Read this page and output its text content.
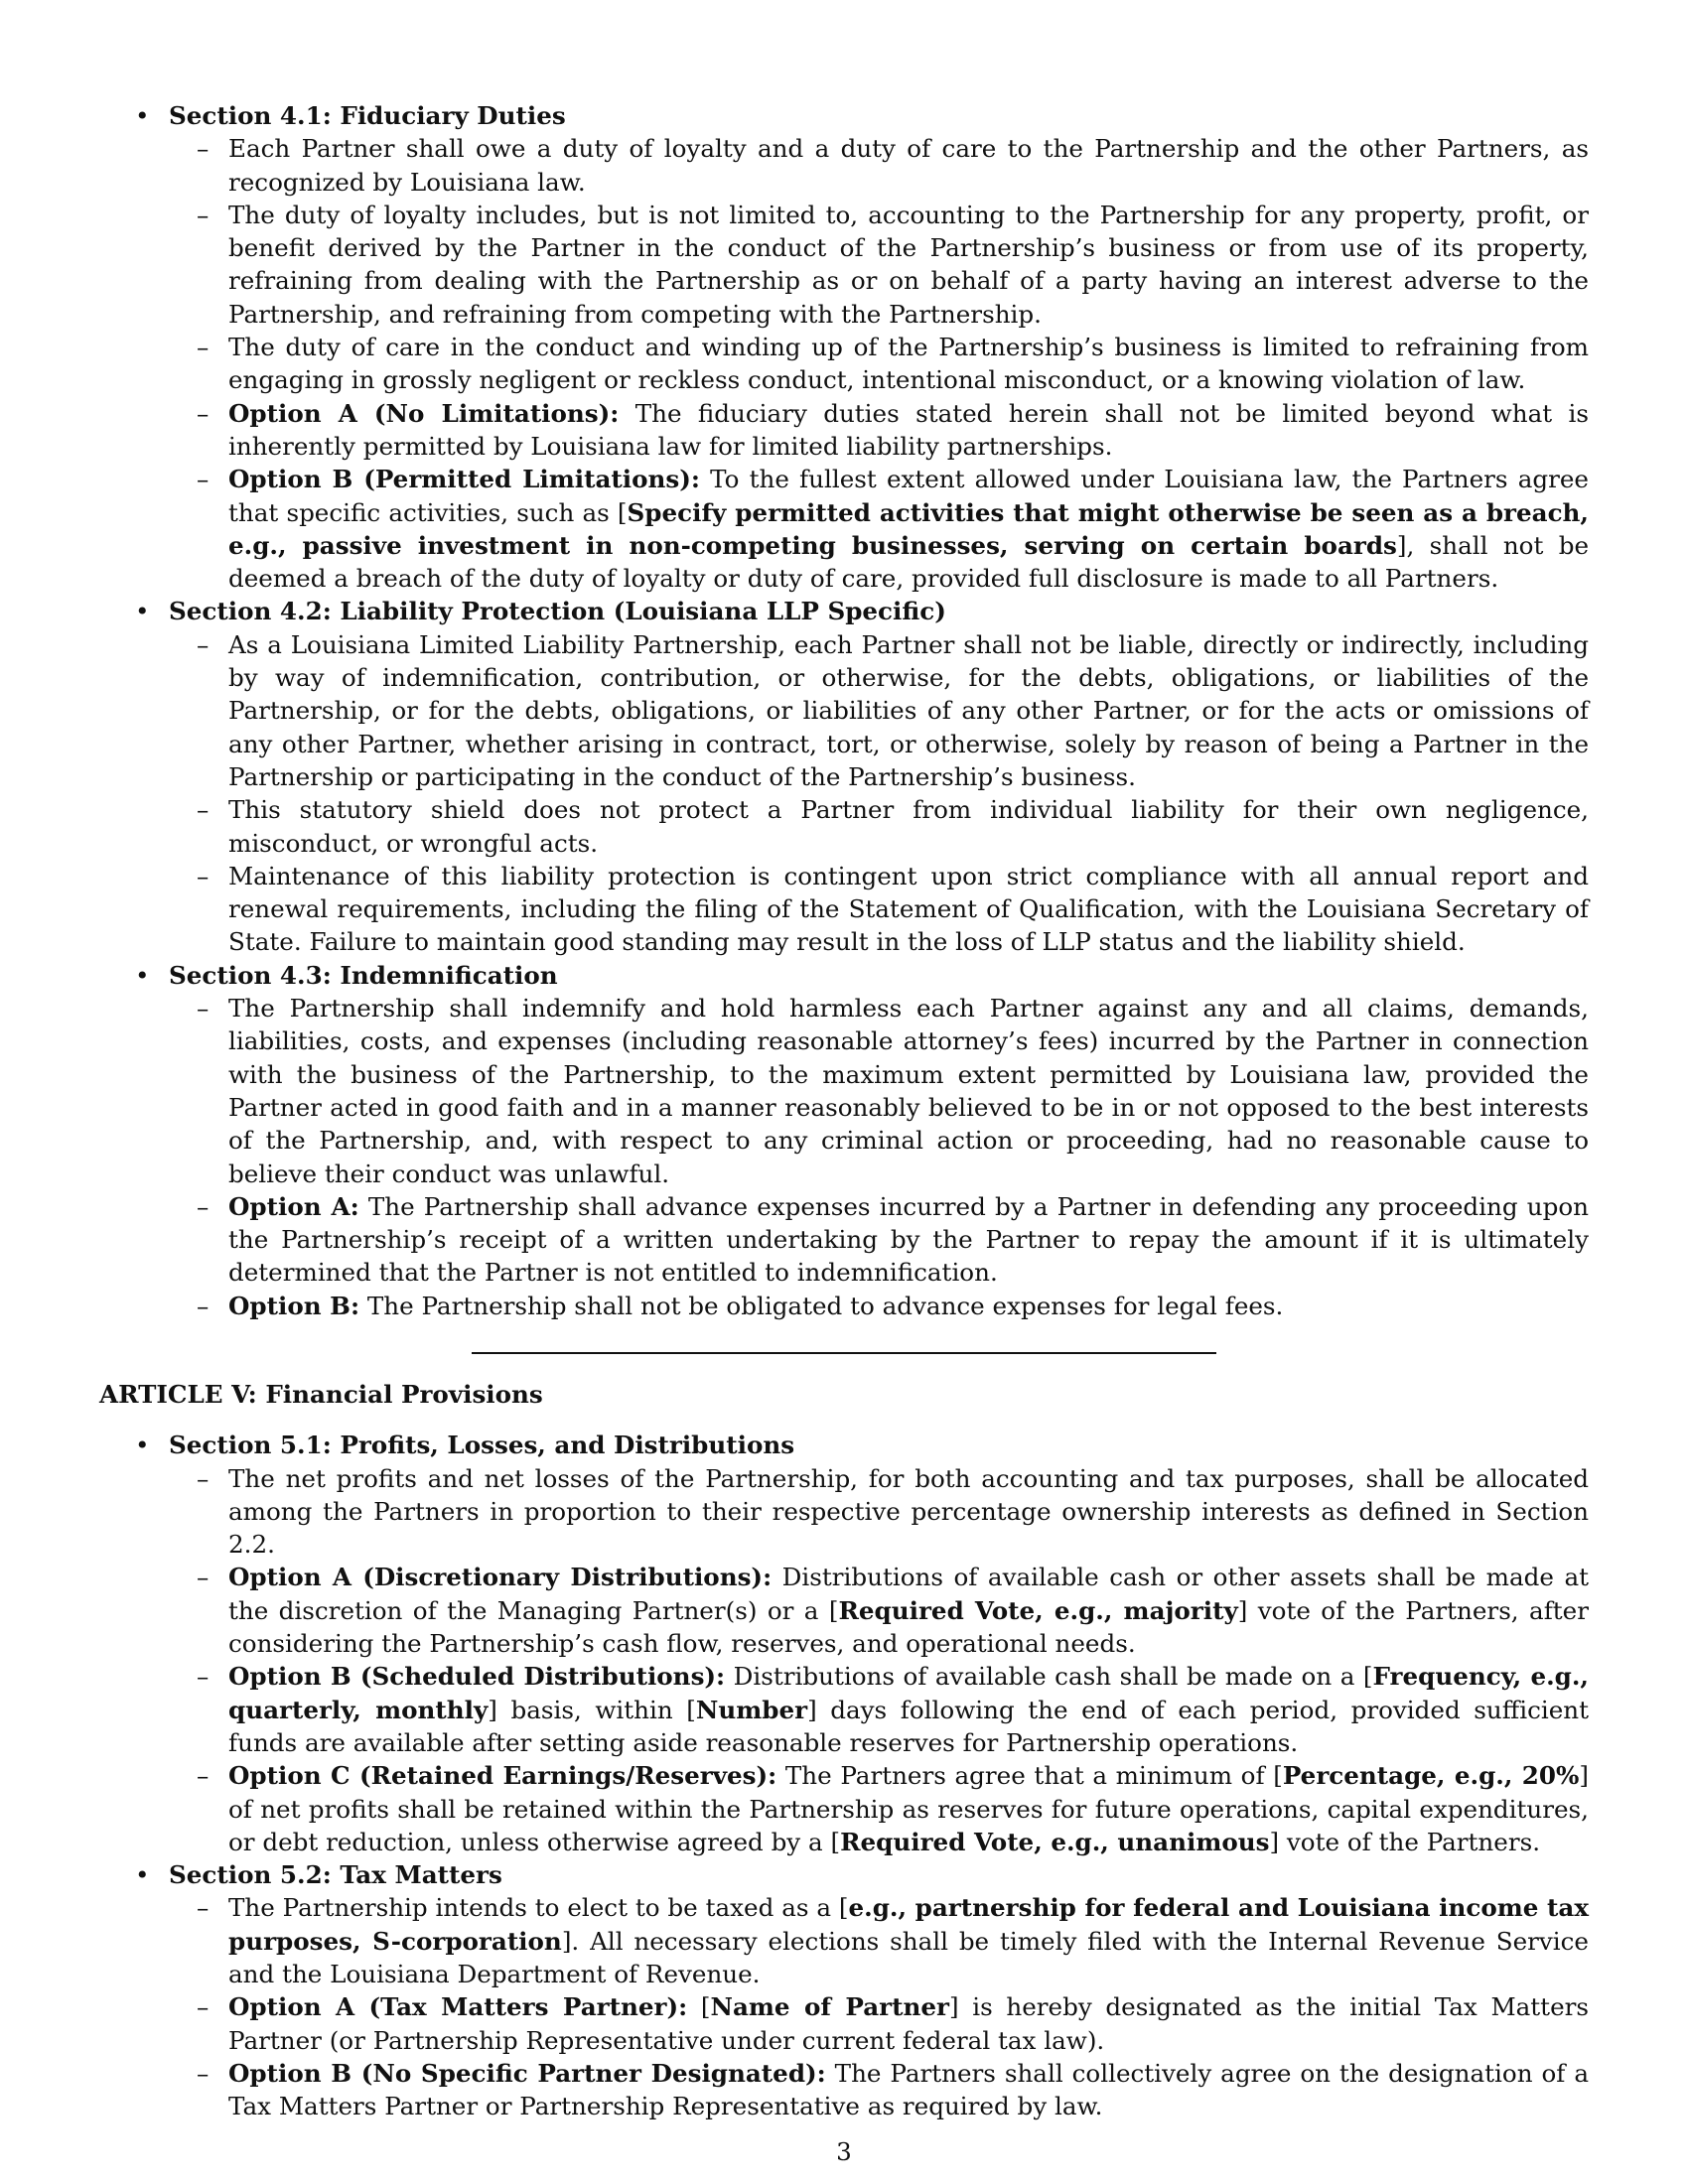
• Section 4.1: Fiduciary Duties
– Each Partner shall owe a duty of loyalty and a duty of care to the Partnership and the other Partners, as recognized by Louisiana law.
– The duty of loyalty includes, but is not limited to, accounting to the Partnership for any property, profit, or benefit derived by the Partner in the conduct of the Partnership’s business or from use of its property, refraining from dealing with the Partnership as or on behalf of a party having an interest adverse to the Partnership, and refraining from competing with the Partnership.
– The duty of care in the conduct and winding up of the Partnership’s business is limited to refraining from engaging in grossly negligent or reckless conduct, intentional misconduct, or a knowing violation of law.
– Option A (No Limitations): The fiduciary duties stated herein shall not be limited beyond what is inherently permitted by Louisiana law for limited liability partnerships.
– Option B (Permitted Limitations): To the fullest extent allowed under Louisiana law, the Partners agree that specific activities, such as [Specify permitted activities that might otherwise be seen as a breach, e.g., passive investment in non-competing businesses, serving on certain boards], shall not be deemed a breach of the duty of loyalty or duty of care, provided full disclosure is made to all Partners.
• Section 4.2: Liability Protection (Louisiana LLP Specific)
– As a Louisiana Limited Liability Partnership, each Partner shall not be liable, directly or indirectly, including by way of indemnification, contribution, or otherwise, for the debts, obligations, or liabilities of the Partnership, or for the debts, obligations, or liabilities of any other Partner, or for the acts or omissions of any other Partner, whether arising in contract, tort, or otherwise, solely by reason of being a Partner in the Partnership or participating in the conduct of the Partnership’s business.
– This statutory shield does not protect a Partner from individual liability for their own negligence, misconduct, or wrongful acts.
– Maintenance of this liability protection is contingent upon strict compliance with all annual report and renewal requirements, including the filing of the Statement of Qualification, with the Louisiana Secretary of State. Failure to maintain good standing may result in the loss of LLP status and the liability shield.
• Section 4.3: Indemnification
– The Partnership shall indemnify and hold harmless each Partner against any and all claims, demands, liabilities, costs, and expenses (including reasonable attorney’s fees) incurred by the Partner in connection with the business of the Partnership, to the maximum extent permitted by Louisiana law, provided the Partner acted in good faith and in a manner reasonably believed to be in or not opposed to the best interests of the Partnership, and, with respect to any criminal action or proceeding, had no reasonable cause to believe their conduct was unlawful.
– Option A: The Partnership shall advance expenses incurred by a Partner in defending any proceeding upon the Partnership’s receipt of a written undertaking by the Partner to repay the amount if it is ultimately determined that the Partner is not entitled to indemnification.
– Option B: The Partnership shall not be obligated to advance expenses for legal fees.
ARTICLE V: Financial Provisions
• Section 5.1: Profits, Losses, and Distributions
– The net profits and net losses of the Partnership, for both accounting and tax purposes, shall be allocated among the Partners in proportion to their respective percentage ownership interests as defined in Section 2.2.
– Option A (Discretionary Distributions): Distributions of available cash or other assets shall be made at the discretion of the Managing Partner(s) or a [Required Vote, e.g., majority] vote of the Partners, after considering the Partnership’s cash flow, reserves, and operational needs.
– Option B (Scheduled Distributions): Distributions of available cash shall be made on a [Frequency, e.g., quarterly, monthly] basis, within [Number] days following the end of each period, provided sufficient funds are available after setting aside reasonable reserves for Partnership operations.
– Option C (Retained Earnings/Reserves): The Partners agree that a minimum of [Percentage, e.g., 20%] of net profits shall be retained within the Partnership as reserves for future operations, capital expenditures, or debt reduction, unless otherwise agreed by a [Required Vote, e.g., unanimous] vote of the Partners.
• Section 5.2: Tax Matters
– The Partnership intends to elect to be taxed as a [e.g., partnership for federal and Louisiana income tax purposes, S-corporation]. All necessary elections shall be timely filed with the Internal Revenue Service and the Louisiana Department of Revenue.
– Option A (Tax Matters Partner): [Name of Partner] is hereby designated as the initial Tax Matters Partner (or Partnership Representative under current federal tax law).
– Option B (No Specific Partner Designated): The Partners shall collectively agree on the designation of a Tax Matters Partner or Partnership Representative as required by law.
3
